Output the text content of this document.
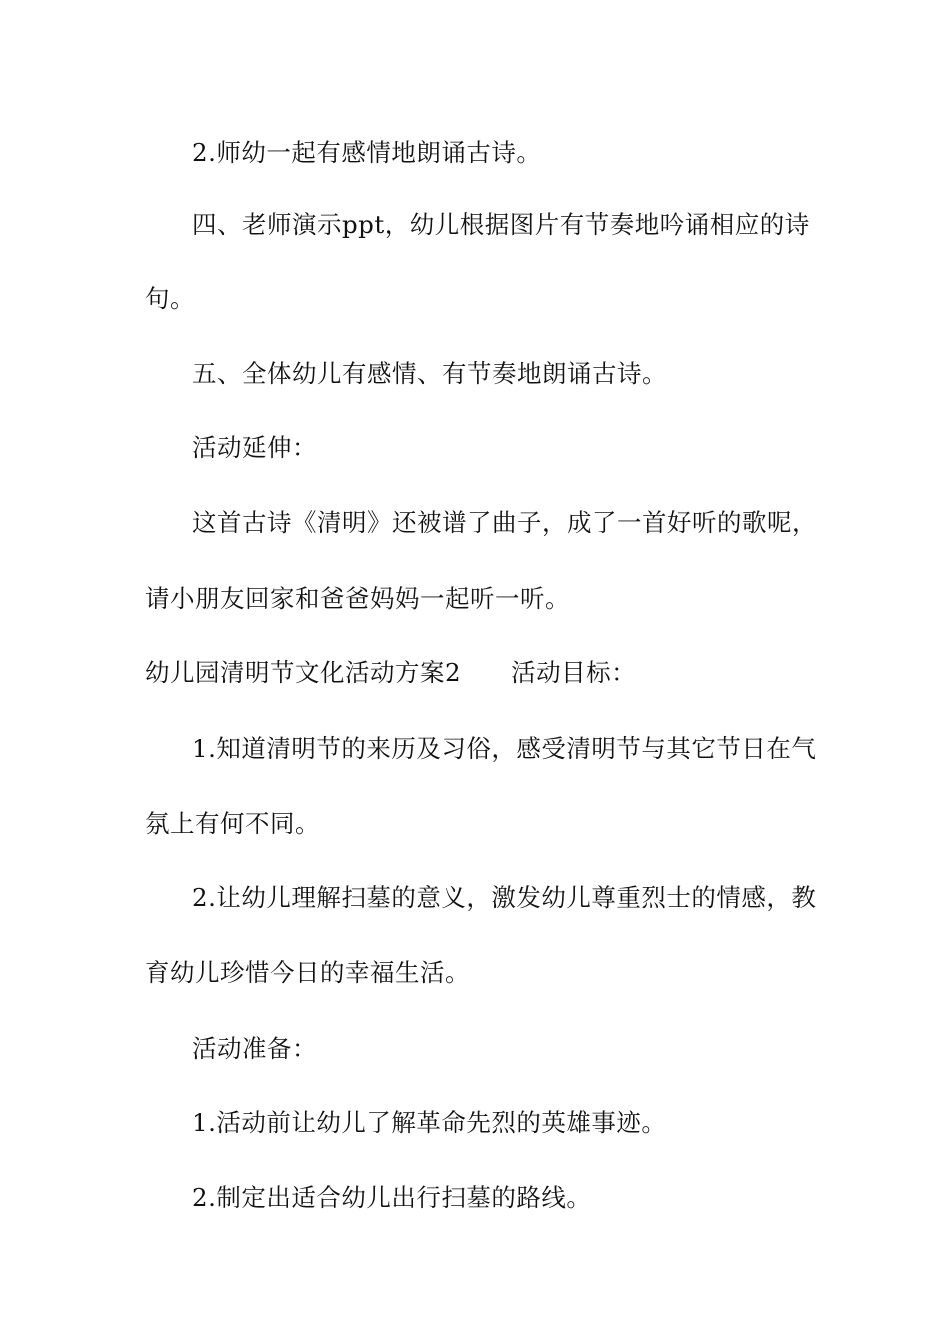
2.师幼一起有感情地朗诵古诗。
四、老师演示ppt，幼儿根据图片有节奏地吟诵相应的诗
句。
五、全体幼儿有感情、有节奏地朗诵古诗。
活动延伸：
这首古诗《清明》还被谱了曲子，成了一首好听的歌呢，
请小朋友回家和爸爸妈妈一起听一听。
幼儿园清明节文化活动方案2 活动目标：
1.知道清明节的来历及习俗，感受清明节与其它节日在气
氛上有何不同。
2.让幼儿理解扫墓的意义，激发幼儿尊重烈士的情感，教
育幼儿珍惜今日的幸福生活。
活动准备：
1.活动前让幼儿了解革命先烈的英雄事迹。
2.制定出适合幼儿出行扫墓的路线。
